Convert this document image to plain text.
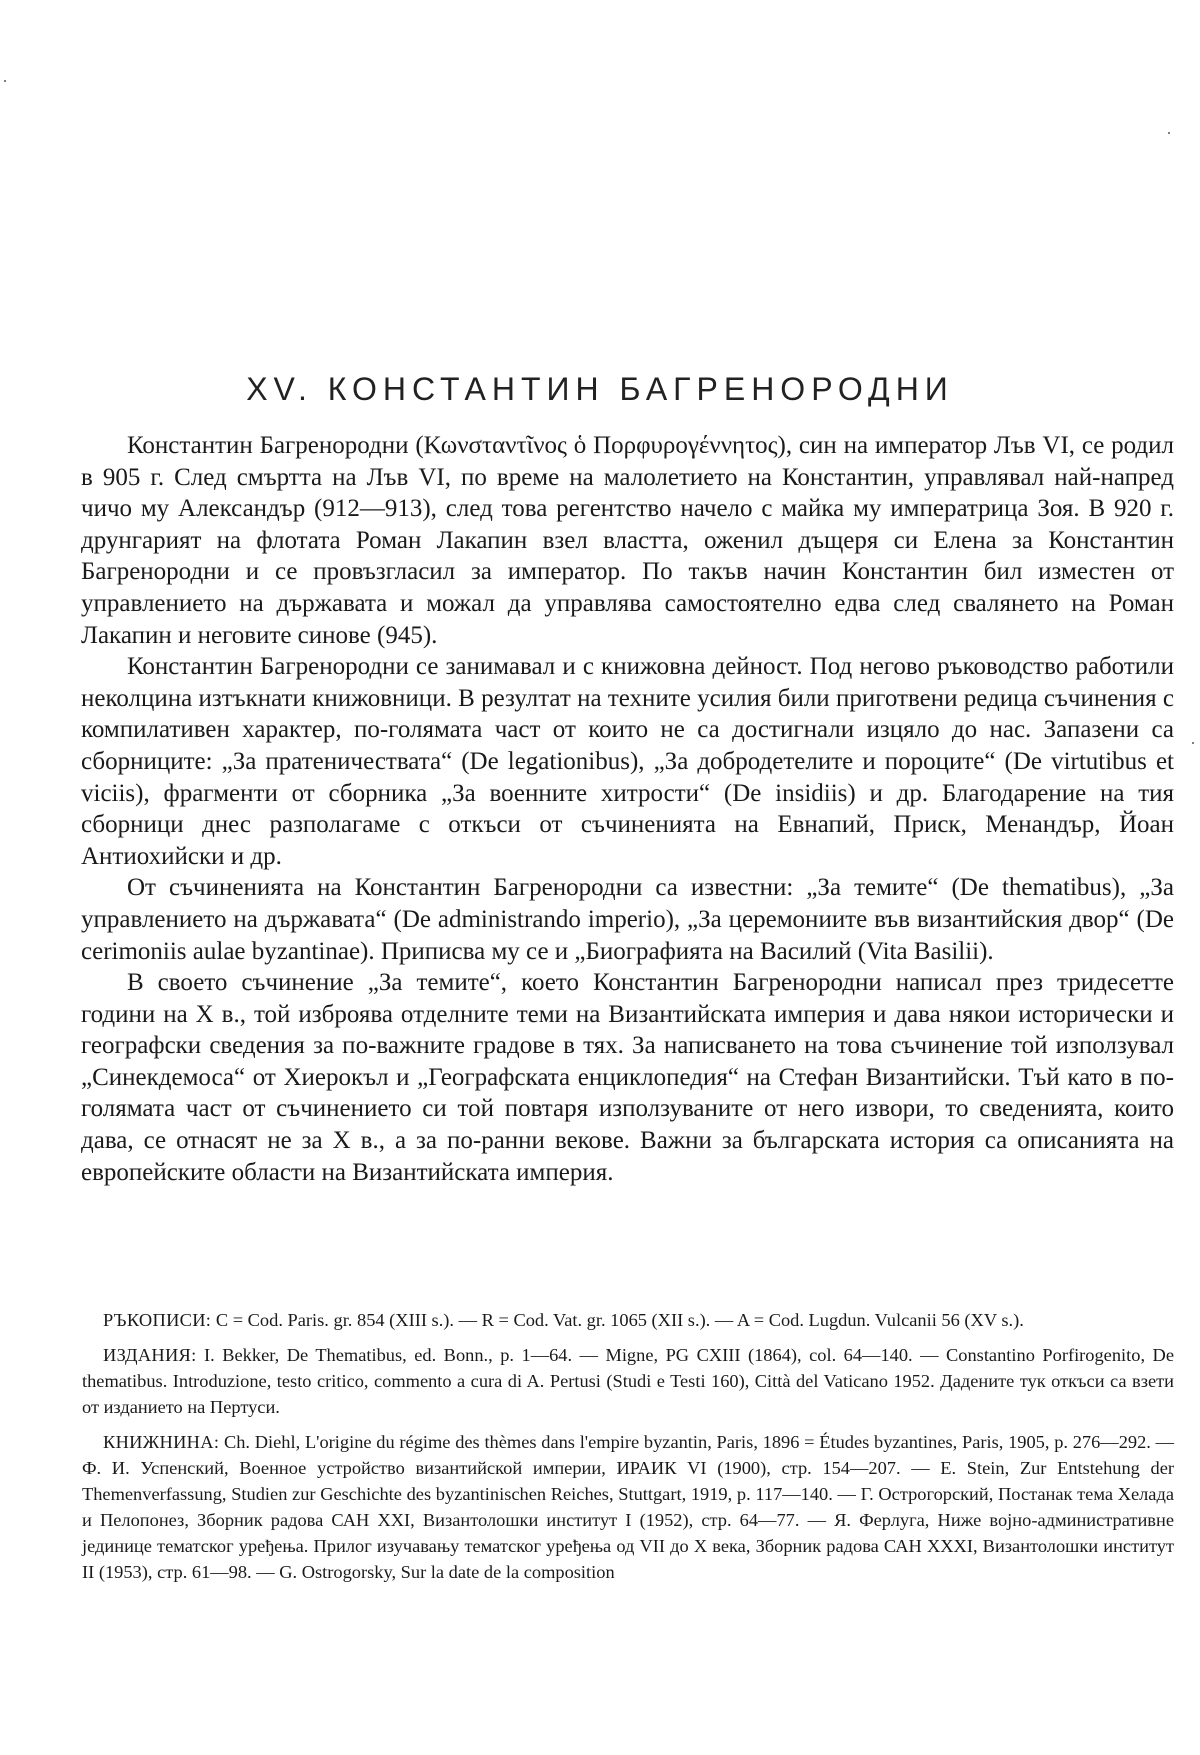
XV. КОНСТАНТИН БАГРЕНОРОДНИ

Константин Багренородни (Κωνσταντῖνος ὁ Πορφυρογέννητος), син на император Лъв VI, се родил в 905 г. След смъртта на Лъв VI, по време на малолетието на Константин, управлявал най-напред чичо му Александър (912—913), след това регентство начело с майка му императрица Зоя. В 920 г. друнгарият на флотата Роман Лакапин взел властта, оженил дъщеря си Елена за Константин Багренородни и се провъзгласил за император. По такъв начин Константин бил изместен от управлението на държавата и можал да управлява самостоятелно едва след свалянето на Роман Лакапин и неговите синове (945).

Константин Багренородни се занимавал и с книжовна дейност. Под негово ръководство работили неколцина изтъкнати книжовници. В резултат на техните усилия били приготвени редица съчинения с компилативен характер, по-голямата част от които не са достигнали изцяло до нас. Запазени са сборниците: „За пратеничествата“ (De legationibus), „За добродетелите и пороците“ (De virtutibus et viciis), фрагменти от сборника „За военните хитрости“ (De insidiis) и др. Благодарение на тия сборници днес разполагаме с откъси от съчиненията на Евнапий, Приск, Менандър, Йоан Антиохийски и др.

От съчиненията на Константин Багренородни са известни: „За темите“ (De thematibus), „За управлението на държавата“ (De administrando imperio), „За церемониите във византийския двор“ (De cerimoniis aulae byzantinae). Приписва му се и „Биографията на Василий (Vita Basilii).

В своето съчинение „За темите“, което Константин Багренородни написал през тридесетте години на X в., той изброява отделните теми на Византийската империя и дава някои исторически и географски сведения за по-важните градове в тях. За написването на това съчинение той използувал „Синекдемоса“ от Хиерокъл и „Географската енциклопедия“ на Стефан Византийски. Тъй като в по-голямата част от съчинението си той повтаря използуваните от него извори, то сведенията, които дава, се отнасят не за X в., а за по-ранни векове. Важни за българската история са описанията на европейските области на Византийската империя.

РЪКОПИСИ: C = Cod. Paris. gr. 854 (XIII s.). — R = Cod. Vat. gr. 1065 (XII s.). — A = Cod. Lugdun. Vulcanii 56 (XV s.).

ИЗДАНИЯ: I. Bekker, De Thematibus, ed. Bonn., p. 1—64. — Migne, PG CXIII (1864), col. 64—140. — Constantino Porfirogenito, De thematibus. Introduzione, testo critico, commento a cura di A. Pertusi (Studi e Testi 160), Città del Vaticano 1952. Дадените тук откъси са взети от изданието на Пертуси.

КНИЖНИНА: Ch. Diehl, L'origine du régime des thèmes dans l'empire byzantin, Paris, 1896 = Études byzantines, Paris, 1905, p. 276—292. — Ф. И. Успенский, Военное устройство византийской империи, ИРАИК VI (1900), стр. 154—207. — E. Stein, Zur Entstehung der Themenverfassung, Studien zur Geschichte des byzantinischen Reiches, Stuttgart, 1919, p. 117—140. — Г. Острогорский, Постанак тема Хелада и Пелопонез, Зборник радова САН XXI, Византолошки институт I (1952), стр. 64—77. — Я. Ферлуга, Ниже војно-административне јединице тематског уређења. Прилог изучавању тематског уређења од VII до X века, Зборник радова САН XXXI, Византолошки институт II (1953), стр. 61—98. — G. Ostrogorsky, Sur la date de la composition
